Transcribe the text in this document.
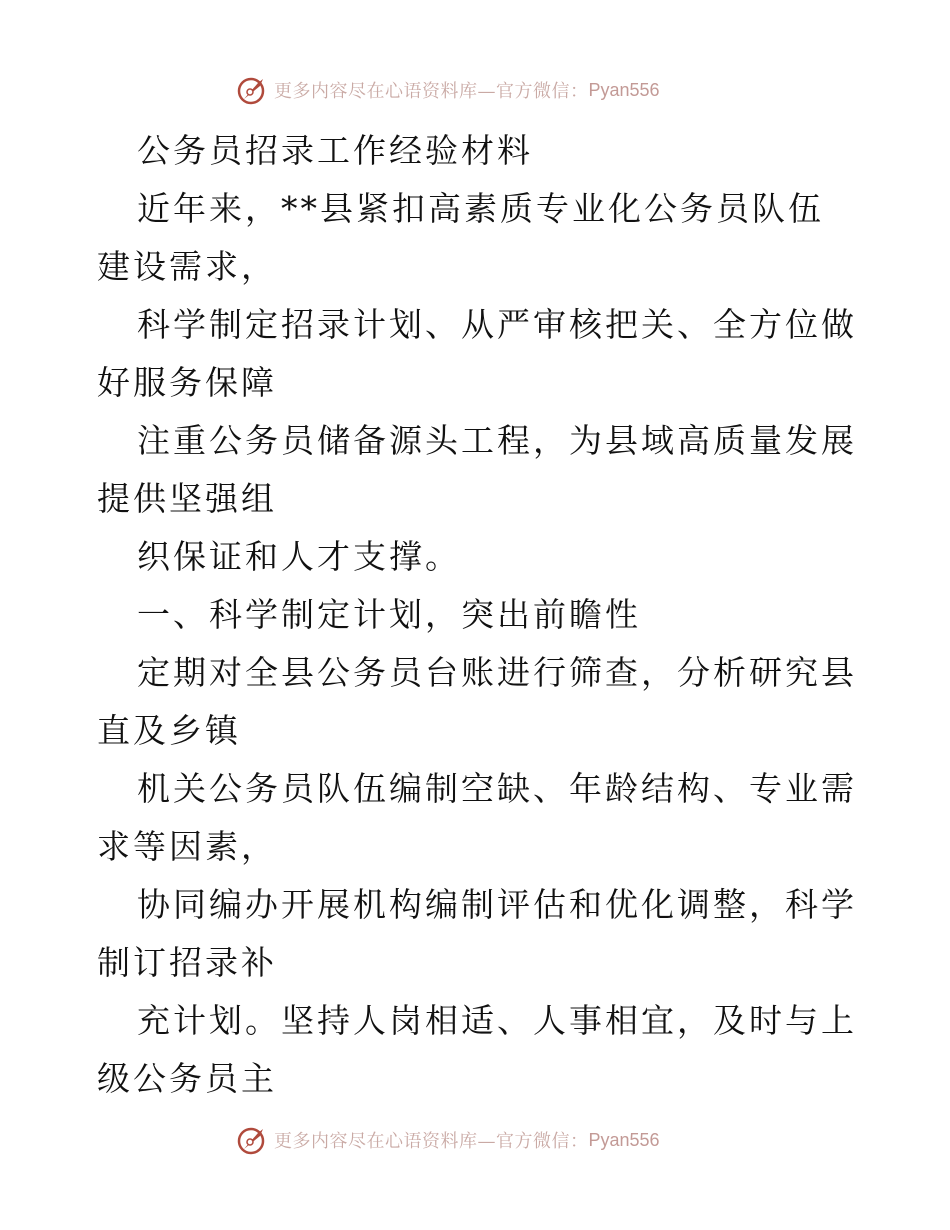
更多内容尽在心语资料库—官方微信： Pyan556

公务员招录工作经验材料

近年来，**县紧扣高素质专业化公务员队伍建设需求，

科学制定招录计划、从严审核把关、全方位做好服务保障

注重公务员储备源头工程，为县域高质量发展提供坚强组

织保证和人才支撑。

一、科学制定计划，突出前瞻性

定期对全县公务员台账进行筛查，分析研究县直及乡镇

机关公务员队伍编制空缺、年龄结构、专业需求等因素，

协同编办开展机构编制评估和优化调整，科学制订招录补

充计划。坚持人岗相适、人事相宜，及时与上级公务员主

更多内容尽在心语资料库—官方微信： Pyan556
